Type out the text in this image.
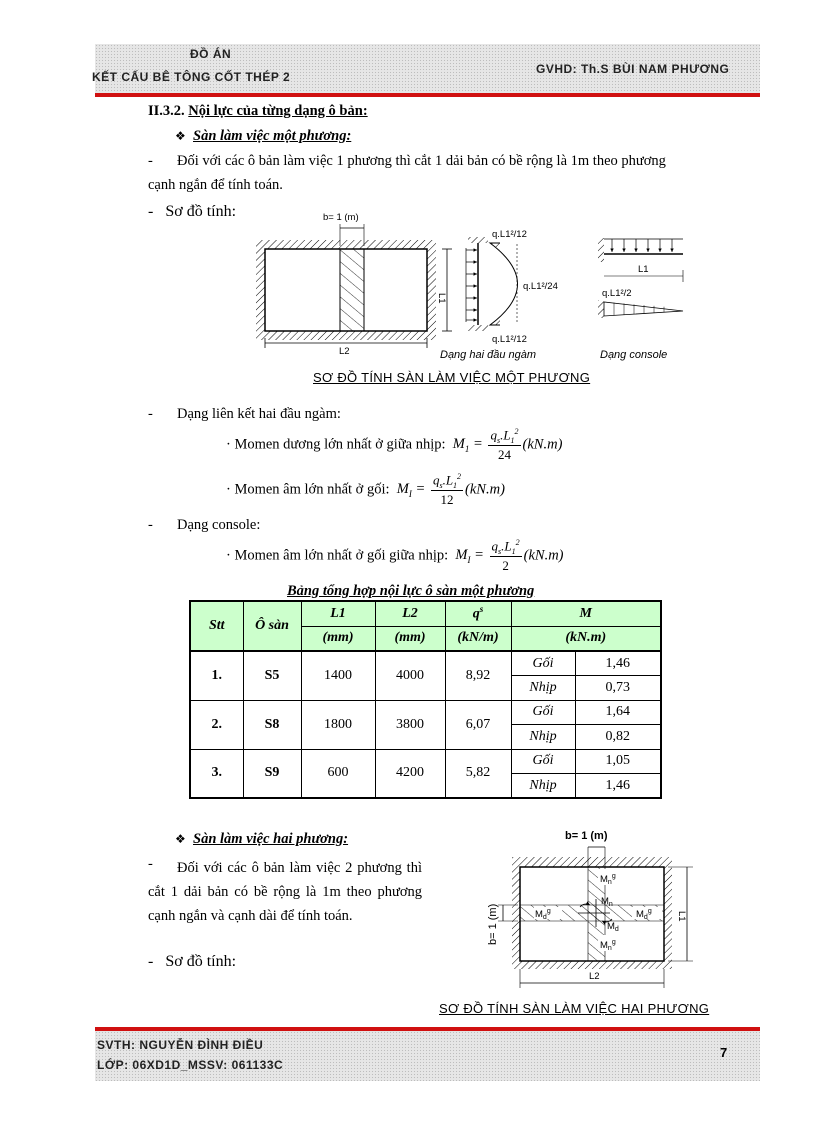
ĐỒ ÁN
KẾT CẤU BÊ TÔNG CỐT THÉP 2
GVHD: Th.S BÙI NAM PHƯƠNG
II.3.2. Nội lực của từng dạng ô bản:
❖ Sàn làm việc một phương:
- Đối với các ô bản làm việc 1 phương thì cắt 1 dải bản có bề rộng là 1m theo phương
cạnh ngắn để tính toán.
- Sơ đồ tính:	b= 1 (m)
L1
L2
q.L1²/12
q.L1²/24
q.L1²/12
Dạng hai đầu ngàm
L1
q.L1²/2
Dạng console
SƠ ĐỒ TÍNH SÀN LÀM VIỆC MỘT PHƯƠNG
- Dạng liên kết hai đầu ngàm:
· Momen dương lớn nhất ở giữa nhịp:  $M_1 = \frac{q_s.L_1^2}{24} (kN.m)$
· Momen âm lớn nhất ở gối:  $M_I = \frac{q_s.L_1^2}{12} (kN.m)$
- Dạng console:
· Momen âm lớn nhất ở gối giữa nhịp:  $M_I = \frac{q_s.L_1^2}{2} (kN.m)$
Bảng tổng hợp nội lực ô sàn một phương
Stt	Ô sàn	L1	L2	$q^s$	M	
		(mm)	(mm)	(kN/m)	(kN.m)	
1.	S5	1400	4000	8,92	Gối	1,46
					Nhịp	0,73
2.	S8	1800	3800	6,07	Gối	1,64
					Nhịp	0,82
3.	S9	600	4200	5,82	Gối	1,05
					Nhịp	1,46
❖ Sàn làm việc hai phương:
-	Đối với các ô bản làm việc 2 phương thì cắt 1 dải bản có bề rộng là 1m theo phương cạnh ngắn và cạnh dài để tính toán.
- Sơ đồ tính:
b= 1 (m)
$M_n^g$
$M_n$
$M_d^g$	$M_d^g$
$M_d$
$M_n^g$
b= 1 (m)	L1
L2
SƠ ĐỒ TÍNH SÀN LÀM VIỆC HAI PHƯƠNG
SVTH: NGUYỄN ĐÌNH ĐIỀU
LỚP: 06XD1D_MSSV: 061133C
7
